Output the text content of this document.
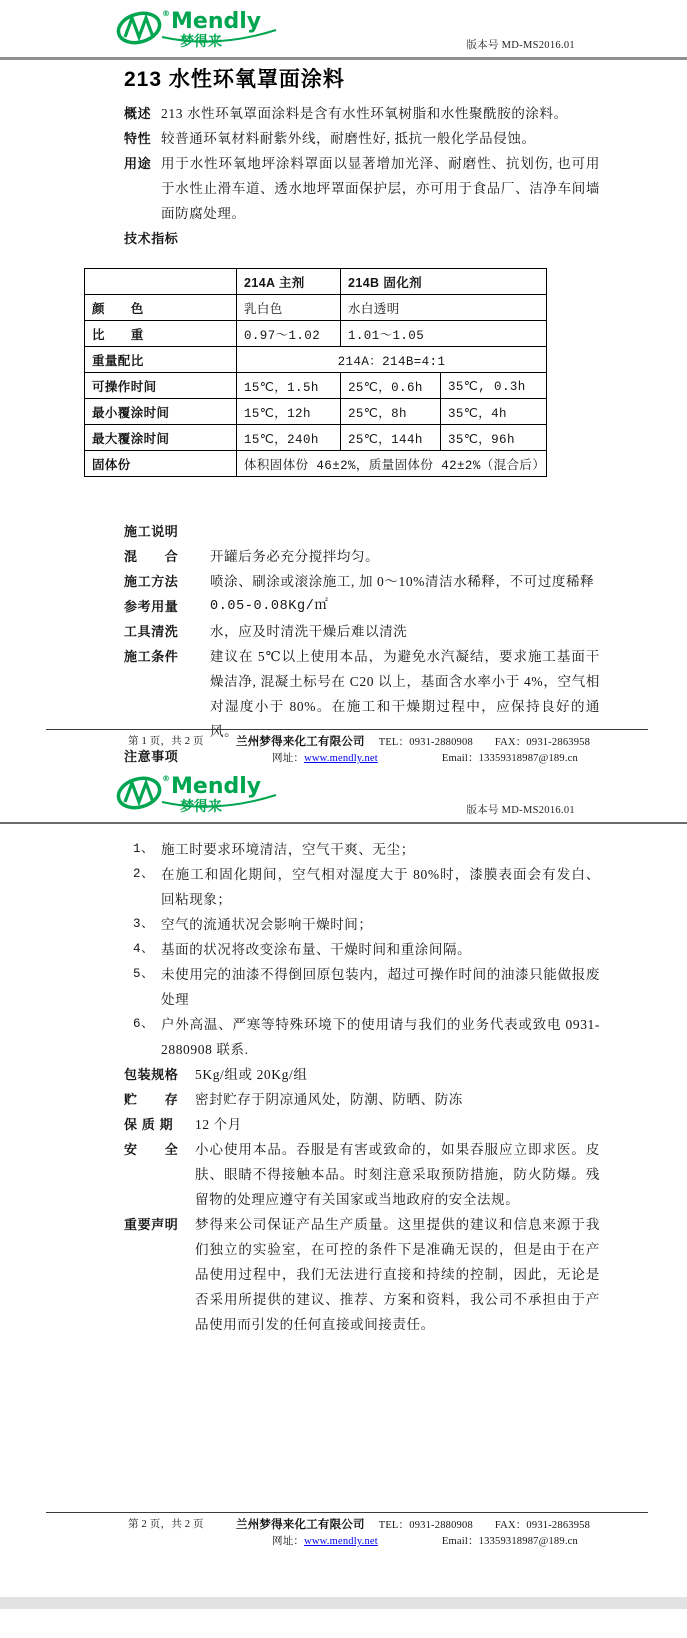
® Mendly
梦得来	版本号 MD-MS2016.01
213 水性环氧罩面涂料
概述 213 水性环氧罩面涂料是含有水性环氧树脂和水性聚酰胺的涂料。
特性 较普通环氧材料耐紫外线，耐磨性好, 抵抗一般化学品侵蚀。
用途 用于水性环氧地坪涂料罩面以显著增加光泽、耐磨性、抗划伤, 也可用于水性止滑车道、透水地坪罩面保护层，亦可用于食品厂、洁净车间墙面防腐处理。
技术指标
	214A 主剂	214B 固化剂	
颜　　色	乳白色	水白透明	
比　　重	0.97～1.02	1.01～1.05	
重量配比	214A：214B=4:1		
可操作时间	15℃，1.5h	25℃，0.6h	35℃, 0.3h
最小覆涂时间	15℃，12h	25℃，8h	35℃，4h
最大覆涂时间	15℃，240h	25℃，144h	35℃，96h
固体份	体积固体份 46±2%，质量固体份 42±2%（混合后）		
施工说明
混　　合	开罐后务必充分搅拌均匀。
施工方法	喷涂、刷涂或滚涂施工, 加 0～10%清洁水稀释，不可过度稀释
参考用量	0.05-0.08Kg/㎡
工具清洗	水，应及时清洗干燥后难以清洗
施工条件	建议在 5℃以上使用本品，为避免水汽凝结，要求施工基面干燥洁净, 混凝土标号在 C20 以上，基面含水率小于 4%，空气相对湿度小于 80%。在施工和干燥期过程中，应保持良好的通风。
注意事项
第 1 页，共 2 页	兰州梦得来化工有限公司 TEL：0931-2880908 FAX：0931-2863958
网址：www.mendly.net	Email：13359318987@189.cn
® Mendly
梦得来	版本号 MD-MS2016.01
1、 施工时要求环境清洁，空气干爽、无尘；
2、 在施工和固化期间，空气相对湿度大于 80%时，漆膜表面会有发白、回粘现象；
3、 空气的流通状况会影响干燥时间；
4、 基面的状况将改变涂布量、干燥时间和重涂间隔。
5、 未使用完的油漆不得倒回原包装内，超过可操作时间的油漆只能做报废处理
6、 户外高温、严寒等特殊环境下的使用请与我们的业务代表或致电 0931-2880908 联系.
包装规格	5Kg/组或 20Kg/组
贮　　存	密封贮存于阴凉通风处，防潮、防晒、防冻
保 质 期	12 个月
安　　全	小心使用本品。吞服是有害或致命的，如果吞服应立即求医。皮肤、眼睛不得接触本品。时刻注意采取预防措施，防火防爆。残留物的处理应遵守有关国家或当地政府的安全法规。
重要声明	梦得来公司保证产品生产质量。这里提供的建议和信息来源于我们独立的实验室，在可控的条件下是准确无误的，但是由于在产品使用过程中，我们无法进行直接和持续的控制，因此，无论是否采用所提供的建议、推荐、方案和资料，我公司不承担由于产品使用而引发的任何直接或间接责任。
第 2 页，共 2 页	兰州梦得来化工有限公司 TEL：0931-2880908 FAX：0931-2863958
网址：www.mendly.net	Email：13359318987@189.cn
